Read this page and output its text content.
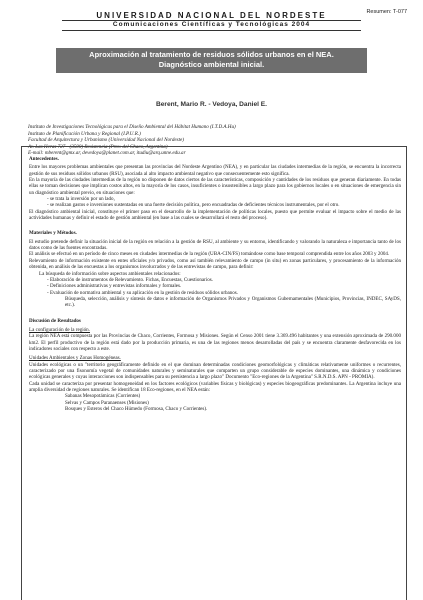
Resumen: T-077
UNIVERSIDAD NACIONAL DEL NORDESTE
Comunicaciones Científicas y Tecnológicas 2004
Aproximación al tratamiento de residuos sólidos urbanos en el NEA.
Diagnóstico ambiental inicial.
Berent, Mario R. - Vedoya, Daniel E.
Instituto de Investigaciones Tecnológicas para el Diseño Ambiental del Hábitat Humano (I.T.D.A.Hu)
Instituto de Planificación Urbana y Regional (I.P.U.R.)
Facultad de Arquitectura y Urbanismo (Universidad Nacional del Nordeste)
Av. Las Heras 727 - (3500) Resistencia (Prov. del Chaco, Argentina)
E-mail: mberent@gmx.ar, devedoya@planet.com.ar, itudiu@arq.unne.edu.ar

Antecedentes.

Entre los mayores problemas ambientales que presentan las provincias del Nordeste Argentino (NEA), y en particular las ciudades intermedias de la región, se encuentra la incorrecta gestión de sus residuos sólidos urbanos (RSU), asociada al alto impacto ambiental negativo que consecuentemente esto significa.

En la mayoría de las ciudades intermedias de la región no disponen de datos ciertos de las características, composición y cantidades de los residuos que generan diariamente. En todas ellas se toman decisiones que implican costos altos, en la mayoría de los casos, insuficientes o insostenibles a largo plazo para los gobiernos locales o en situaciones de emergencia sin un diagnóstico ambiental previo, en situaciones que:

- se trata la inversión por un lado,

- se realizan gastos e inversiones sustentadas en una fuerte decisión política, pero encuadradas de deficientes técnicos instrumentales, por el otro.

El diagnóstico ambiental inicial, constituye el primer paso en el desarrollo de la implementación de políticas locales, puesto que permite evaluar el impacto sobre el medio de las actividades humanas y definir el estado de gestión ambiental (en base a las cuales se desarrollará el resto del proceso).

Materiales y Métodos.

El estudio pretende definir la situación inicial de la región en relación a la gestión de RSU, al ambiente y su entorno, identificando y valorando la naturaleza e importancia tanto de los datos como de las fuentes encontradas.

El análisis se efectuó en un período de cinco meses en ciudades intermedias de la región (UBA-CIN/FS) tomándose como base temporal comprendida entre los años 2003 y 2004.

Relevamiento de información existente en entes oficiales y/o privados, como así también relevamiento de campo (in situ) en zonas particulares, y procesamiento de la información obtenida, en análisis de las encuestas a los organismos involucrados y de las entrevistas de campo, para definir:

La búsqueda de información sobre aspectos ambientales relacionados:

- Elaboración de instrumentos de Relevamiento. Fichas, Encuestas, Cuestionarios.

- Definiciones administrativas y entrevistas informales y formales.

- Evaluación de normativa ambiental y su aplicación en la gestión de residuos sólidos urbanos.

Búsqueda, selección, análisis y síntesis de datos e información de Organismos Privados y Organismos Gubernamentales (Municipios, Provincias, INDEC, SAyDS, etc.).

Discusión de Resultados

La configuración de la región.

La región NEA está compuesta por las Provincias de Chaco, Corrientes, Formosa y Misiones. Según el Censo 2001 tiene 3.369.496 habitantes y una extensión aproximada de 290.000 km2. El perfil productivo de la región está dado por la producción primaria, es una de las regiones menos desarrolladas del país y se encuentra claramente desfavorecida en los indicadores sociales con respecto a este.

Unidades Ambientales y Zonas Homogéneas.

Unidades ecológicas o un "territorio geográficamente definido en el que dominan determinadas condiciones geomorfológicas y climáticas relativamente uniformes o recurrentes, caracterizado por una fisonomía vegetal de comunidades naturales y seminaturales que comparten un grupo considerable de especies dominantes, una dinámica y condiciones ecológicas generales y cuyas interacciones son indispensables para su persistencia a largo plazo" Documento "Eco-regiones de la Argentina" S.R.N.D.S. APN - PROMIA).

Cada unidad se caracteriza por presentar homogeneidad en los factores ecológicos (variables físicas y biológicas) y especies biogeográficas predominantes. La Argentina incluye una amplia diversidad de regiones naturales. Se identifican 18 Eco-regiones, en el NEA están:

Sabanas Mesopotámicas (Corrientes)

Selvas y Campos Paranaenses (Misiones)

Bosques y Esteros del Chaco Húmedo (Formosa, Chaco y Corrientes).
